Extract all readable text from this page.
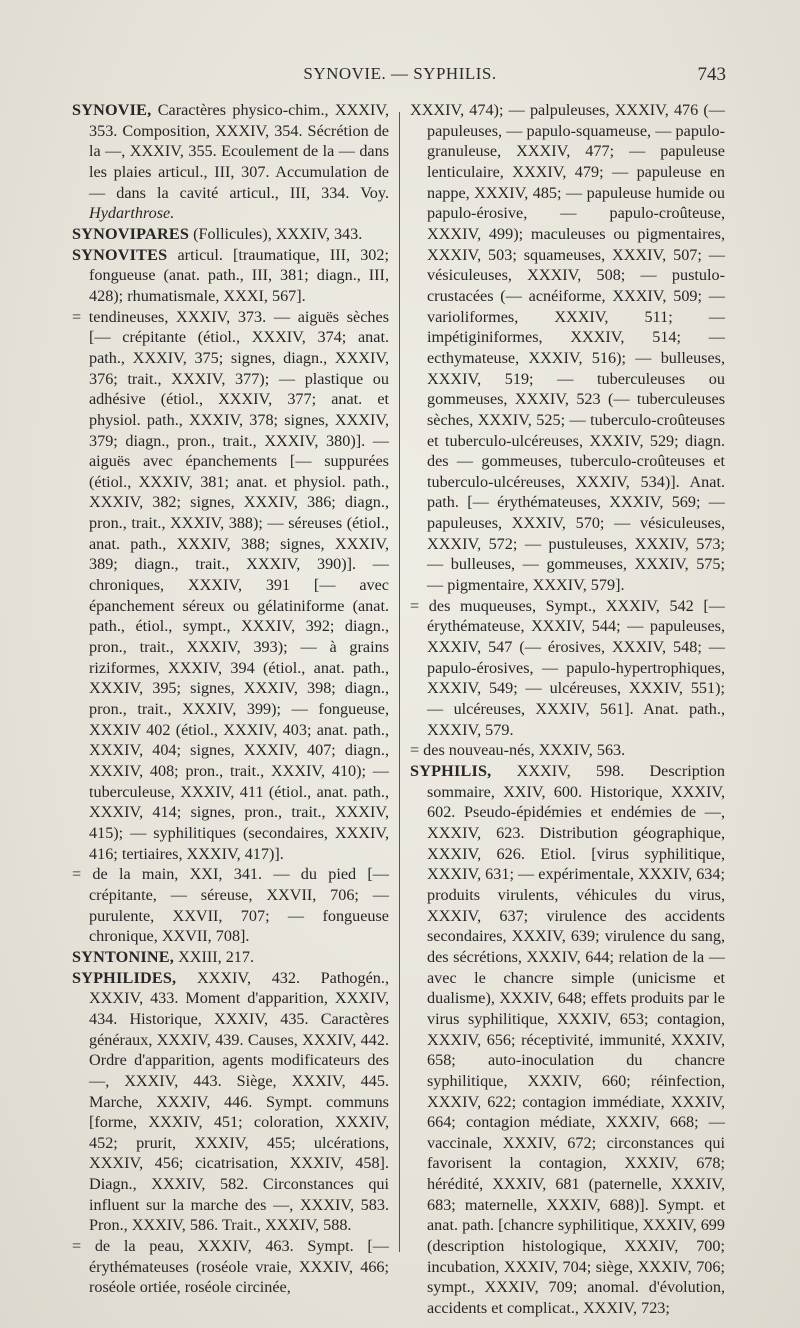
SYNOVIE. — SYPHILIS.	743

SYNOVIE, Caractères physico-chim., XXXIV, 353. Composition, XXXIV, 354. Sécrétion de la —, XXXIV, 355. Ecoulement de la — dans les plaies articul., III, 307. Accumulation de — dans la cavité articul., III, 334. Voy. Hydarthrose.

SYNOVIPARES (Follicules), XXXIV, 343.

SYNOVITES articul. [traumatique, III, 302; fongueuse (anat. path., III, 381; diagn., III, 428); rhumatismale, XXXI, 567].

= tendineuses, XXXIV, 373. — aiguës sèches [— crépitante (étiol., XXXIV, 374; anat. path., XXXIV, 375; signes, diagn., XXXIV, 376; trait., XXXIV, 377); — plastique ou adhésive (étiol., XXXIV, 377; anat. et physiol. path., XXXIV, 378; signes, XXXIV, 379; diagn., pron., trait., XXXIV, 380)]. — aiguës avec épanchements [— suppurées (étiol., XXXIV, 381; anat. et physiol. path., XXXIV, 382; signes, XXXIV, 386; diagn., pron., trait., XXXIV, 388); — séreuses (étiol., anat. path., XXXIV, 388; signes, XXXIV, 389; diagn., trait., XXXIV, 390)]. — chroniques, XXXIV, 391 [— avec épanchement séreux ou gélatiniforme (anat. path., étiol., sympt., XXXIV, 392; diagn., pron., trait., XXXIV, 393); — à grains riziformes, XXXIV, 394 (étiol., anat. path., XXXIV, 395; signes, XXXIV, 398; diagn., pron., trait., XXXIV, 399); — fongueuse, XXXIV 402 (étiol., XXXIV, 403; anat. path., XXXIV, 404; signes, XXXIV, 407; diagn., XXXIV, 408; pron., trait., XXXIV, 410); — tuberculeuse, XXXIV, 411 (étiol., anat. path., XXXIV, 414; signes, pron., trait., XXXIV, 415); — syphilitiques (secondaires, XXXIV, 416; tertiaires, XXXIV, 417)].

= de la main, XXI, 341. — du pied [— crépitante, — séreuse, XXVII, 706; — purulente, XXVII, 707; — fongueuse chronique, XXVII, 708].

SYNTONINE, XXIII, 217.

SYPHILIDES, XXXIV, 432. Pathogén., XXXIV, 433. Moment d'apparition, XXXIV, 434. Historique, XXXIV, 435. Caractères généraux, XXXIV, 439. Causes, XXXIV, 442. Ordre d'apparition, agents modificateurs des —, XXXIV, 443. Siège, XXXIV, 445. Marche, XXXIV, 446. Sympt. communs [forme, XXXIV, 451; coloration, XXXIV, 452; prurit, XXXIV, 455; ulcérations, XXXIV, 456; cicatrisation, XXXIV, 458]. Diagn., XXXIV, 582. Circonstances qui influent sur la marche des —, XXXIV, 583. Pron., XXXIV, 586. Trait., XXXIV, 588.

= de la peau, XXXIV, 463. Sympt. [— érythémateuses (roséole vraie, XXXIV, 466; roséole ortiée, roséole circinée,

XXXIV, 474); — palpuleuses, XXXIV, 476 (— papuleuses, — papulo-squameuse, — papulo-granuleuse, XXXIV, 477; — papuleuse lenticulaire, XXXIV, 479; — papuleuse en nappe, XXXIV, 485; — papuleuse humide ou papulo-érosive, — papulo-croûteuse, XXXIV, 499); maculeuses ou pigmentaires, XXXIV, 503; squameuses, XXXIV, 507; — vésiculeuses, XXXIV, 508; — pustulo-crustacées (— acnéiforme, XXXIV, 509; — varioliformes, XXXIV, 511; — impétiginiformes, XXXIV, 514; — ecthymateuse, XXXIV, 516); — bulleuses, XXXIV, 519; — tuberculeuses ou gommeuses, XXXIV, 523 (— tuberculeuses sèches, XXXIV, 525; — tuberculo-croûteuses et tuberculo-ulcéreuses, XXXIV, 529; diagn. des — gommeuses, tuberculo-croûteuses et tuberculo-ulcéreuses, XXXIV, 534)]. Anat. path. [— érythémateuses, XXXIV, 569; — papuleuses, XXXIV, 570; — vésiculeuses, XXXIV, 572; — pustuleuses, XXXIV, 573; — bulleuses, — gommeuses, XXXIV, 575; — pigmentaire, XXXIV, 579].

= des muqueuses, Sympt., XXXIV, 542 [— érythémateuse, XXXIV, 544; — papuleuses, XXXIV, 547 (— érosives, XXXIV, 548; — papulo-érosives, — papulo-hypertrophiques, XXXIV, 549; — ulcéreuses, XXXIV, 551); — ulcéreuses, XXXIV, 561]. Anat. path., XXXIV, 579.

= des nouveau-nés, XXXIV, 563.

SYPHILIS, XXXIV, 598. Description sommaire, XXIV, 600. Historique, XXXIV, 602. Pseudo-épidémies et endémies de —, XXXIV, 623. Distribution géographique, XXXIV, 626. Etiol. [virus syphilitique, XXXIV, 631; — expérimentale, XXXIV, 634; produits virulents, véhicules du virus, XXXIV, 637; virulence des accidents secondaires, XXXIV, 639; virulence du sang, des sécrétions, XXXIV, 644; relation de la — avec le chancre simple (unicisme et dualisme), XXXIV, 648; effets produits par le virus syphilitique, XXXIV, 653; contagion, XXXIV, 656; réceptivité, immunité, XXXIV, 658; auto-inoculation du chancre syphilitique, XXXIV, 660; réinfection, XXXIV, 622; contagion immédiate, XXXIV, 664; contagion médiate, XXXIV, 668; — vaccinale, XXXIV, 672; circonstances qui favorisent la contagion, XXXIV, 678; hérédité, XXXIV, 681 (paternelle, XXXIV, 683; maternelle, XXXIV, 688)]. Sympt. et anat. path. [chancre syphilitique, XXXIV, 699 (description histologique, XXXIV, 700; incubation, XXXIV, 704; siège, XXXIV, 706; sympt., XXXIV, 709; anomal. d'évolution, accidents et complicat., XXXIV, 723;
